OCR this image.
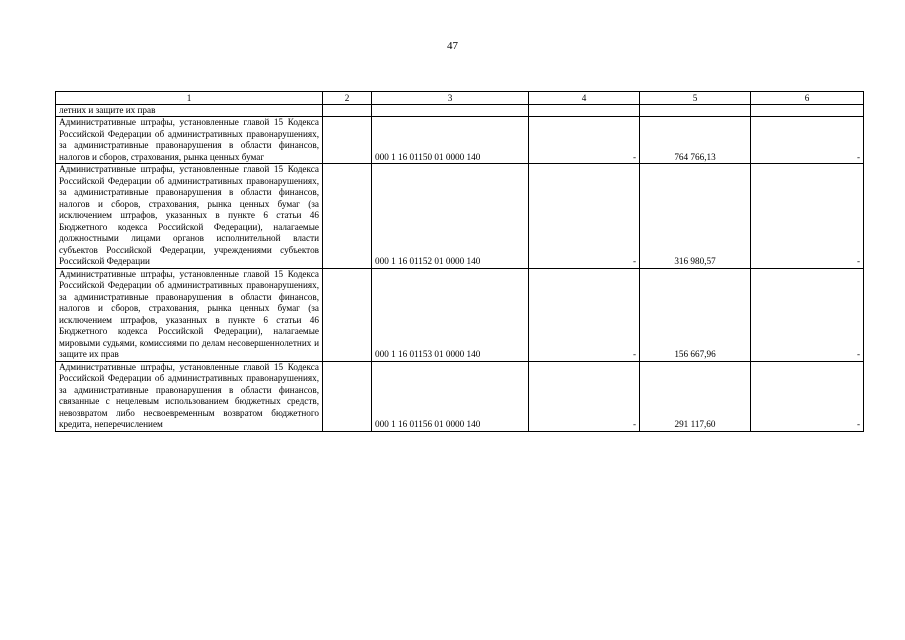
47
1	2	3	4	5	6
летних и защите их прав					
Административные штрафы, установленные главой 15 Кодекса Российской Федерации об административных правонарушениях, за административные правонарушения в области финансов, налогов и сборов, страхования, рынка ценных бумаг		000 1 16 01150 01 0000 140	-	764 766,13	-
Административные штрафы, установленные главой 15 Кодекса Российской Федерации об административных правонарушениях, за административные правонарушения в области финансов, налогов и сборов, страхования, рынка ценных бумаг (за исключением штрафов, указанных в пункте 6 статьи 46 Бюджетного кодекса Российской Федерации), налагаемые должностными лицами органов исполнительной власти субъектов Российской Федерации, учреждениями субъектов Российской Федерации		000 1 16 01152 01 0000 140	-	316 980,57	-
Административные штрафы, установленные главой 15 Кодекса Российской Федерации об административных правонарушениях, за административные правонарушения в области финансов, налогов и сборов, страхования, рынка ценных бумаг (за исключением штрафов, указанных в пункте 6 статьи 46 Бюджетного кодекса Российской Федерации), налагаемые мировыми судьями, комиссиями по делам несовершеннолетних и защите их прав		000 1 16 01153 01 0000 140	-	156 667,96	-
Административные штрафы, установленные главой 15 Кодекса Российской Федерации об административных правонарушениях, за административные правонарушения в области финансов, связанные с нецелевым использованием бюджетных средств, невозвратом либо несвоевременным возвратом бюджетного кредита, неперечислением		000 1 16 01156 01 0000 140	-	291 117,60	-
